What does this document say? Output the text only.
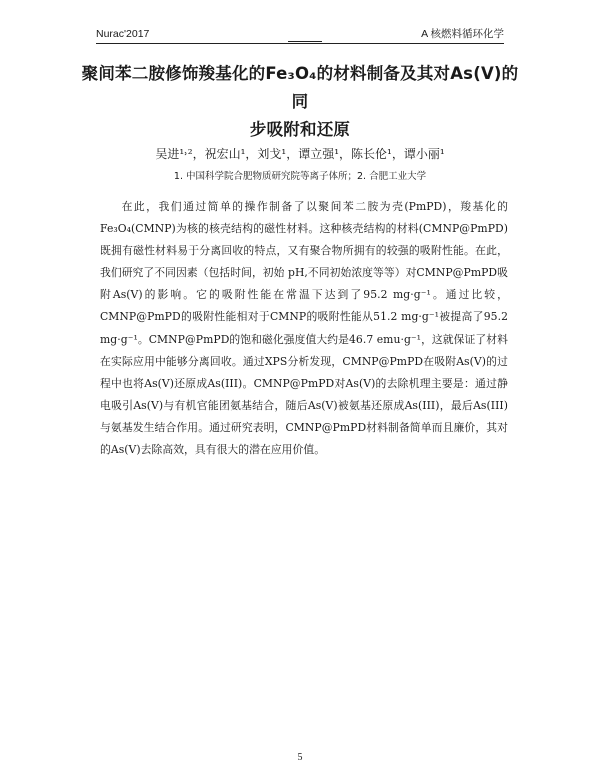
Nurac'2017	A 核燃料循环化学
聚间苯二胺修饰羧基化的Fe₃O₄的材料制备及其对As(V)的同
步吸附和还原
吴进¹˒²，祝宏山¹，刘戈¹，谭立强¹，陈长伦¹，谭小丽¹
1. 中国科学院合肥物质研究院等离子体所；2. 合肥工业大学

在此，我们通过简单的操作制备了以聚间苯二胺为壳(PmPD)，羧基化的Fe₃O₄(CMNP)为核的核壳结构的磁性材料。这种核壳结构的材料(CMNP@PmPD)既拥有磁性材料易于分离回收的特点，又有聚合物所拥有的较强的吸附性能。在此，我们研究了不同因素（包括时间，初始 pH,不同初始浓度等等）对CMNP@PmPD吸附As(V)的影响。它的吸附性能在常温下达到了95.2 mg·g⁻¹。通过比较，CMNP@PmPD的吸附性能相对于CMNP的吸附性能从51.2 mg·g⁻¹被提高了95.2 mg·g⁻¹。CMNP@PmPD的饱和磁化强度值大约是46.7 emu·g⁻¹，这就保证了材料在实际应用中能够分离回收。通过XPS分析发现，CMNP@PmPD在吸附As(V)的过程中也将As(V)还原成As(III)。CMNP@PmPD对As(V)的去除机理主要是：通过静电吸引As(V)与有机官能团氨基结合，随后As(V)被氨基还原成As(III)，最后As(III)与氨基发生结合作用。通过研究表明，CMNP@PmPD材料制备简单而且廉价，其对的As(V)去除高效，具有很大的潜在应用价值。

5
